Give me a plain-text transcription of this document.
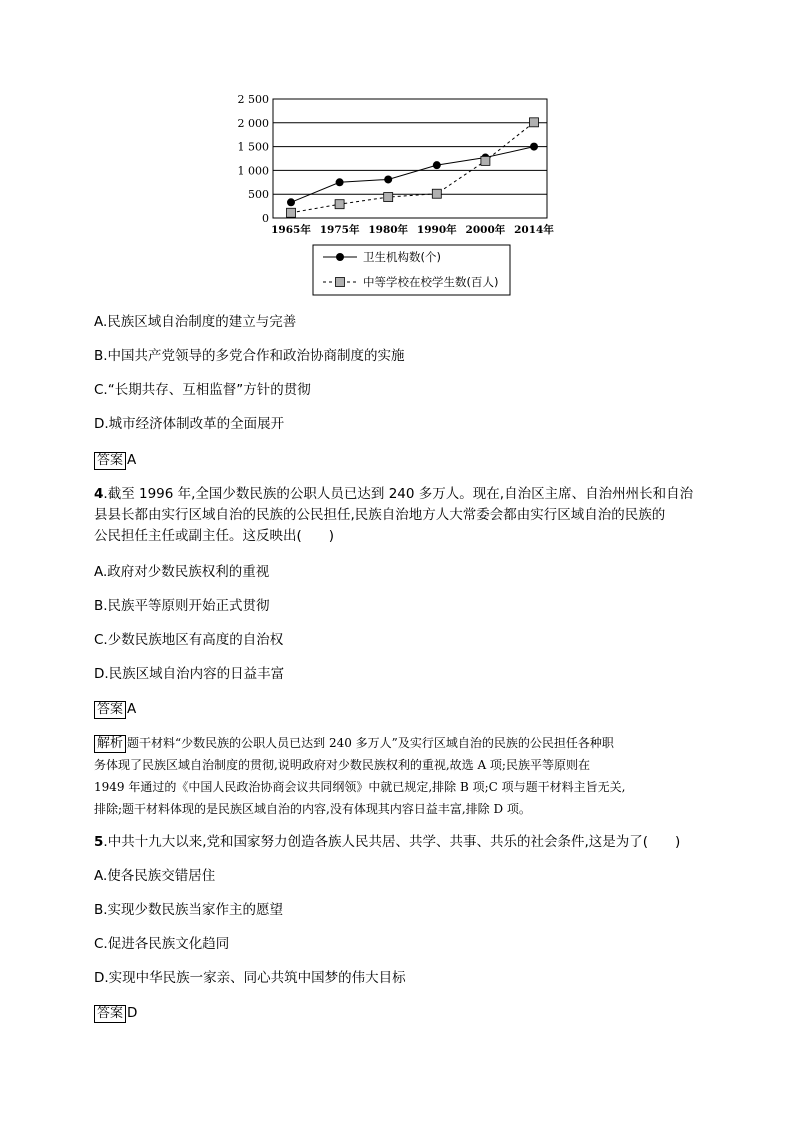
0
500
1 000
1 500
2 000
2 500
1965年 1975年 1980年 1990年 2000年 2014年
卫生机构数(个)
中等学校在校学生数(百人)
A.民族区域自治制度的建立与完善
B.中国共产党领导的多党合作和政治协商制度的实施
C.“长期共存、互相监督”方针的贯彻
D.城市经济体制改革的全面展开
答案 A
4.截至 1996 年,全国少数民族的公职人员已达到 240 多万人。现在,自治区主席、自治州州长和自治
县县长都由实行区域自治的民族的公民担任,民族自治地方人大常委会都由实行区域自治的民族的
公民担任主任或副主任。这反映出(　　)
A.政府对少数民族权利的重视
B.民族平等原则开始正式贯彻
C.少数民族地区有高度的自治权
D.民族区域自治内容的日益丰富
答案 A
解析 题干材料“少数民族的公职人员已达到 240 多万人”及实行区域自治的民族的公民担任各种职
务体现了民族区域自治制度的贯彻,说明政府对少数民族权利的重视,故选 A 项;民族平等原则在
1949 年通过的《中国人民政治协商会议共同纲领》中就已规定,排除 B 项;C 项与题干材料主旨无关,
排除;题干材料体现的是民族区域自治的内容,没有体现其内容日益丰富,排除 D 项。
5.中共十九大以来,党和国家努力创造各族人民共居、共学、共事、共乐的社会条件,这是为了(　　)
A.使各民族交错居住
B.实现少数民族当家作主的愿望
C.促进各民族文化趋同
D.实现中华民族一家亲、同心共筑中国梦的伟大目标
答案 D
